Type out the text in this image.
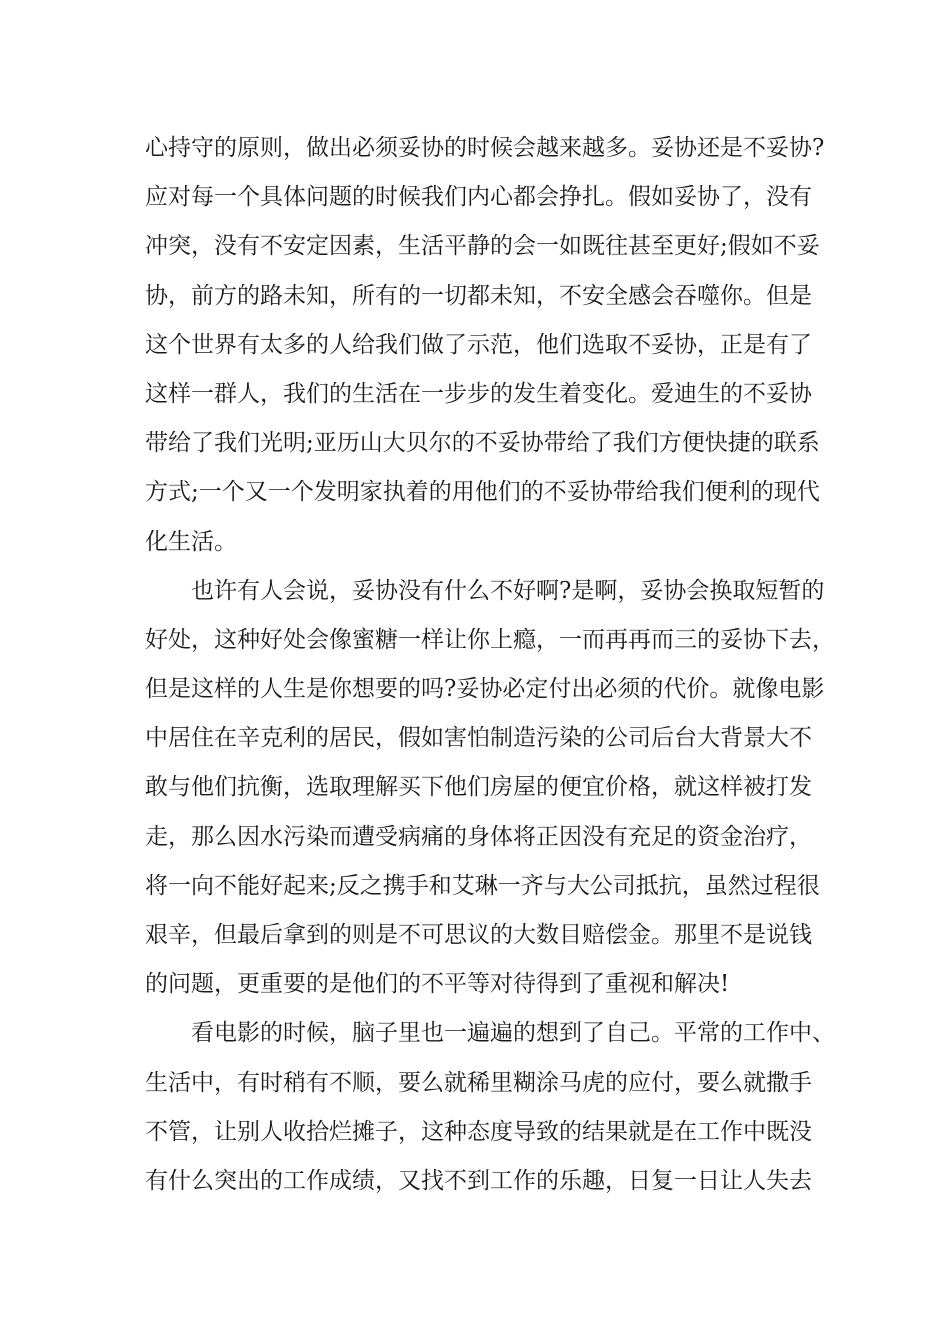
心持守的原则，做出必须妥协的时候会越来越多。妥协还是不妥协?
应对每一个具体问题的时候我们内心都会挣扎。假如妥协了，没有
冲突，没有不安定因素，生活平静的会一如既往甚至更好;假如不妥
协，前方的路未知，所有的一切都未知，不安全感会吞噬你。但是
这个世界有太多的人给我们做了示范，他们选取不妥协，正是有了
这样一群人，我们的生活在一步步的发生着变化。爱迪生的不妥协
带给了我们光明;亚历山大贝尔的不妥协带给了我们方便快捷的联系
方式;一个又一个发明家执着的用他们的不妥协带给我们便利的现代
化生活。
也许有人会说，妥协没有什么不好啊?是啊，妥协会换取短暂的
好处，这种好处会像蜜糖一样让你上瘾，一而再再而三的妥协下去，
但是这样的人生是你想要的吗?妥协必定付出必须的代价。就像电影
中居住在辛克利的居民，假如害怕制造污染的公司后台大背景大不
敢与他们抗衡，选取理解买下他们房屋的便宜价格，就这样被打发
走，那么因水污染而遭受病痛的身体将正因没有充足的资金治疗，
将一向不能好起来;反之携手和艾琳一齐与大公司抵抗，虽然过程很
艰辛，但最后拿到的则是不可思议的大数目赔偿金。那里不是说钱
的问题，更重要的是他们的不平等对待得到了重视和解决!
看电影的时候，脑子里也一遍遍的想到了自己。平常的工作中、
生活中，有时稍有不顺，要么就稀里糊涂马虎的应付，要么就撒手
不管，让别人收拾烂摊子，这种态度导致的结果就是在工作中既没
有什么突出的工作成绩，又找不到工作的乐趣，日复一日让人失去
